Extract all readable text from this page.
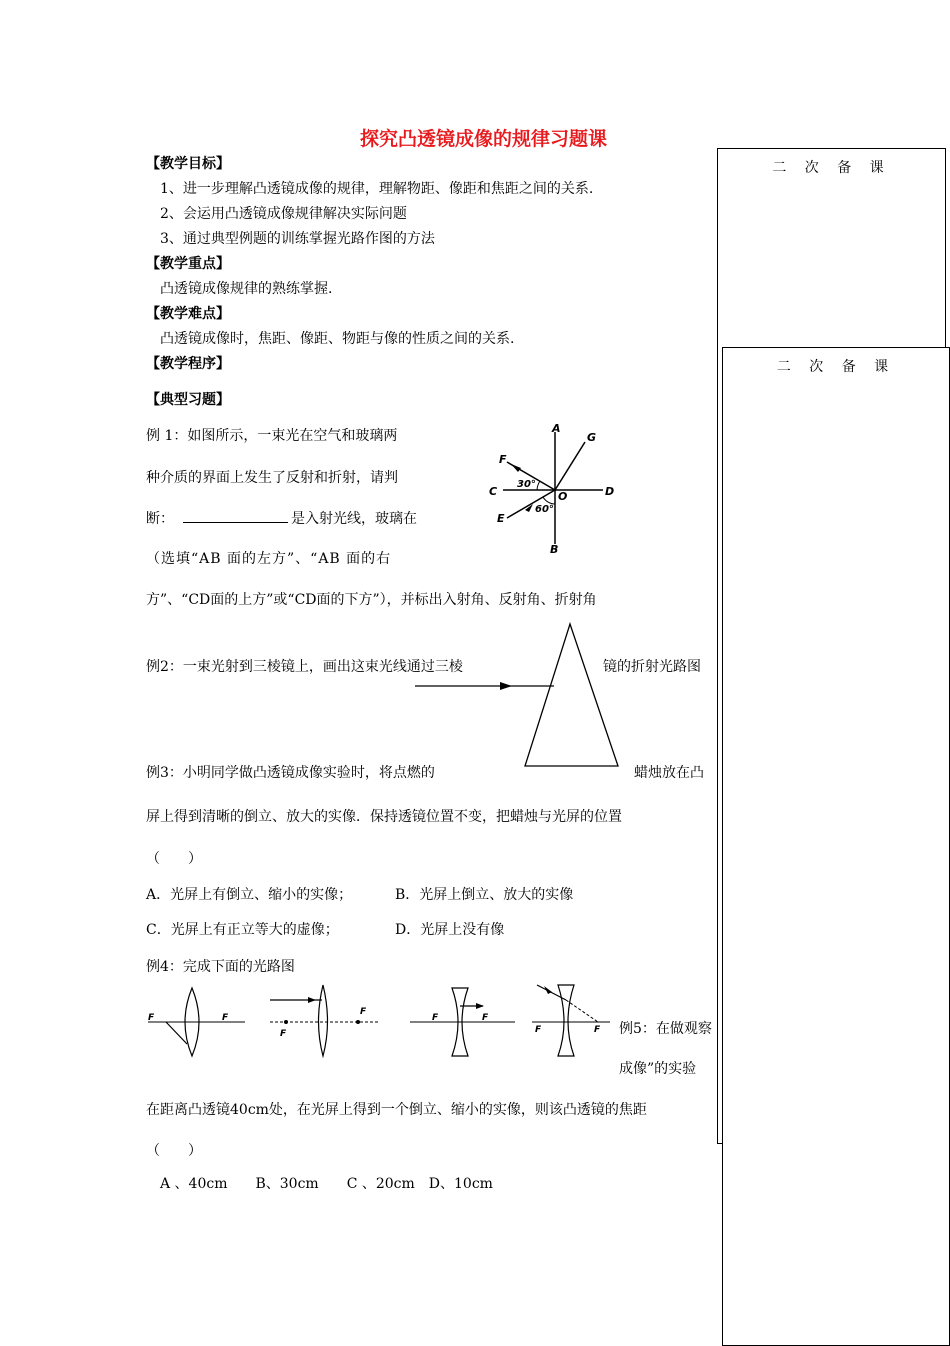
探究凸透镜成像的规律习题课
二 次 备 课
【教学目标】
1、进一步理解凸透镜成像的规律，理解物距、像距和焦距之间的关系.
2、会运用凸透镜成像规律解决实际问题
3、通过典型例题的训练掌握光路作图的方法
【教学重点】
凸透镜成像规律的熟练掌握.
【教学难点】
凸透镜成像时，焦距、像距、物距与像的性质之间的关系.
【教学程序】
【典型习题】
例 1：如图所示，一束光在空气和玻璃两
种介质的界面上发生了反射和折射，请判
断：	是入射光线，玻璃在
（选填“AB 面的左方”、“AB 面的右
方”、“CD面的上方”或“CD面的下方”），并标出入射角、反射角、折射角
A
G
F
C
30°
O	D
60°
E
B
例2：一束光射到三棱镜上，画出这束光线通过三棱	镜的折射光路图
例3：小明同学做凸透镜成像实验时，将点燃的	蜡烛放在凸
屏上得到清晰的倒立、放大的实像．保持透镜位置不变，把蜡烛与光屏的位置
（　　）
A．光屏上有倒立、缩小的实像；	B．光屏上倒立、放大的实像
C．光屏上有正立等大的虚像；	D．光屏上没有像
例4：完成下面的光路图
F	F
F
F
F	F
F	F 例5：在做观察
成像”的实验
在距离凸透镜40cm处，在光屏上得到一个倒立、缩小的实像，则该凸透镜的焦距
（　　）
A 、40cm　　B、30cm　　C 、20cm　D、10cm
二 次 备 课
